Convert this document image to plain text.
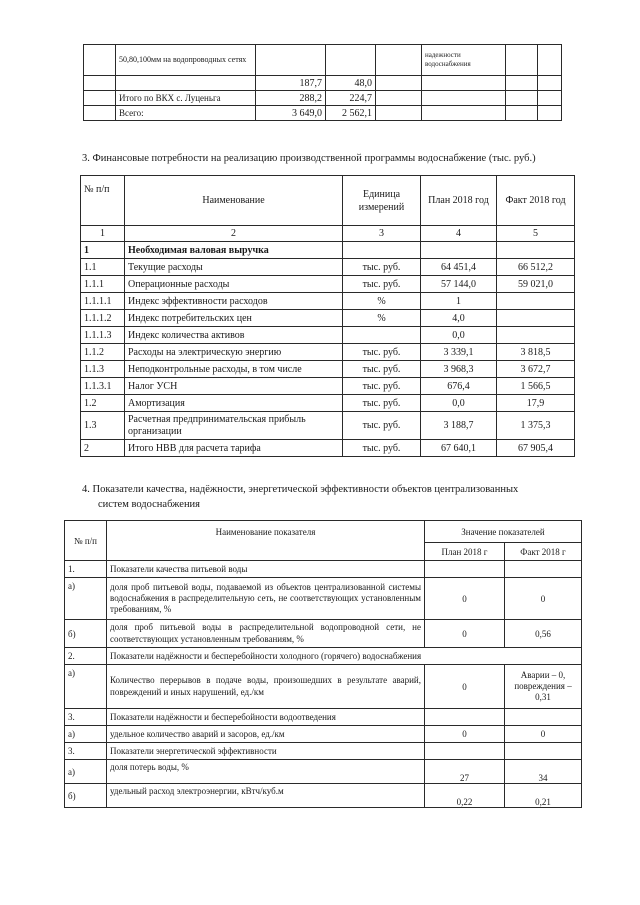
	50,80,100мм на водопроводных сетях				надежности водоснабжения		
		187,7	48,0				
	Итого по ВКХ с. Луценьга	288,2	224,7				
	Всего:	3 649,0	2 562,1				
3. Финансовые потребности на реализацию производственной программы водоснабжение (тыс. руб.)
№ п/п	Наименование	Единица измерений	План 2018 год	Факт 2018 год
1	2	3	4	5
1	Необходимая валовая выручка			
1.1	Текущие расходы	тыс. руб.	64 451,4	66 512,2
1.1.1	Операционные расходы	тыс. руб.	57 144,0	59 021,0
1.1.1.1	Индекс эффективности расходов	%	1	
1.1.1.2	Индекс потребительских цен	%	4,0	
1.1.1.3	Индекс количества активов		0,0	
1.1.2	Расходы на электрическую энергию	тыс. руб.	3 339,1	3 818,5
1.1.3	Неподконтрольные расходы, в том числе	тыс. руб.	3 968,3	3 672,7
1.1.3.1	Налог УСН	тыс. руб.	676,4	1 566,5
1.2	Амортизация	тыс. руб.	0,0	17,9
1.3	Расчетная предпринимательская прибыль организации	тыс. руб.	3 188,7	1 375,3
2	Итого НВВ для расчета тарифа	тыс. руб.	67 640,1	67 905,4
4. Показатели качества, надёжности, энергетической эффективности объектов централизованных
систем водоснабжения
№ п/п	Наименование показателя	Значение показателей	
		План 2018 г	Факт 2018 г
1.	Показатели качества питьевой воды		
а)	доля проб питьевой воды, подаваемой из объектов централизованной системы водоснабжения в распределительную сеть, не соответствующих установленным требованиям, %	0	0
б)	доля проб питьевой воды в распределительной водопроводной сети, не соответствующих установленным требованиям, %	0	0,56
2.	Показатели надёжности и бесперебойности холодного (горячего) водоснабжения		
а)	Количество перерывов в подаче воды, произошедших в результате аварий, повреждений и иных нарушений, ед./км	0	Аварии – 0, повреждения – 0,31
3.	Показатели надёжности и бесперебойности водоотведения		
а)	удельное количество аварий и засоров, ед./км	0	0
3.	Показатели энергетической эффективности		
а)	доля потерь воды, %	27	34
б)	удельный расход электроэнергии, кВтч/куб.м	0,22	0,21
